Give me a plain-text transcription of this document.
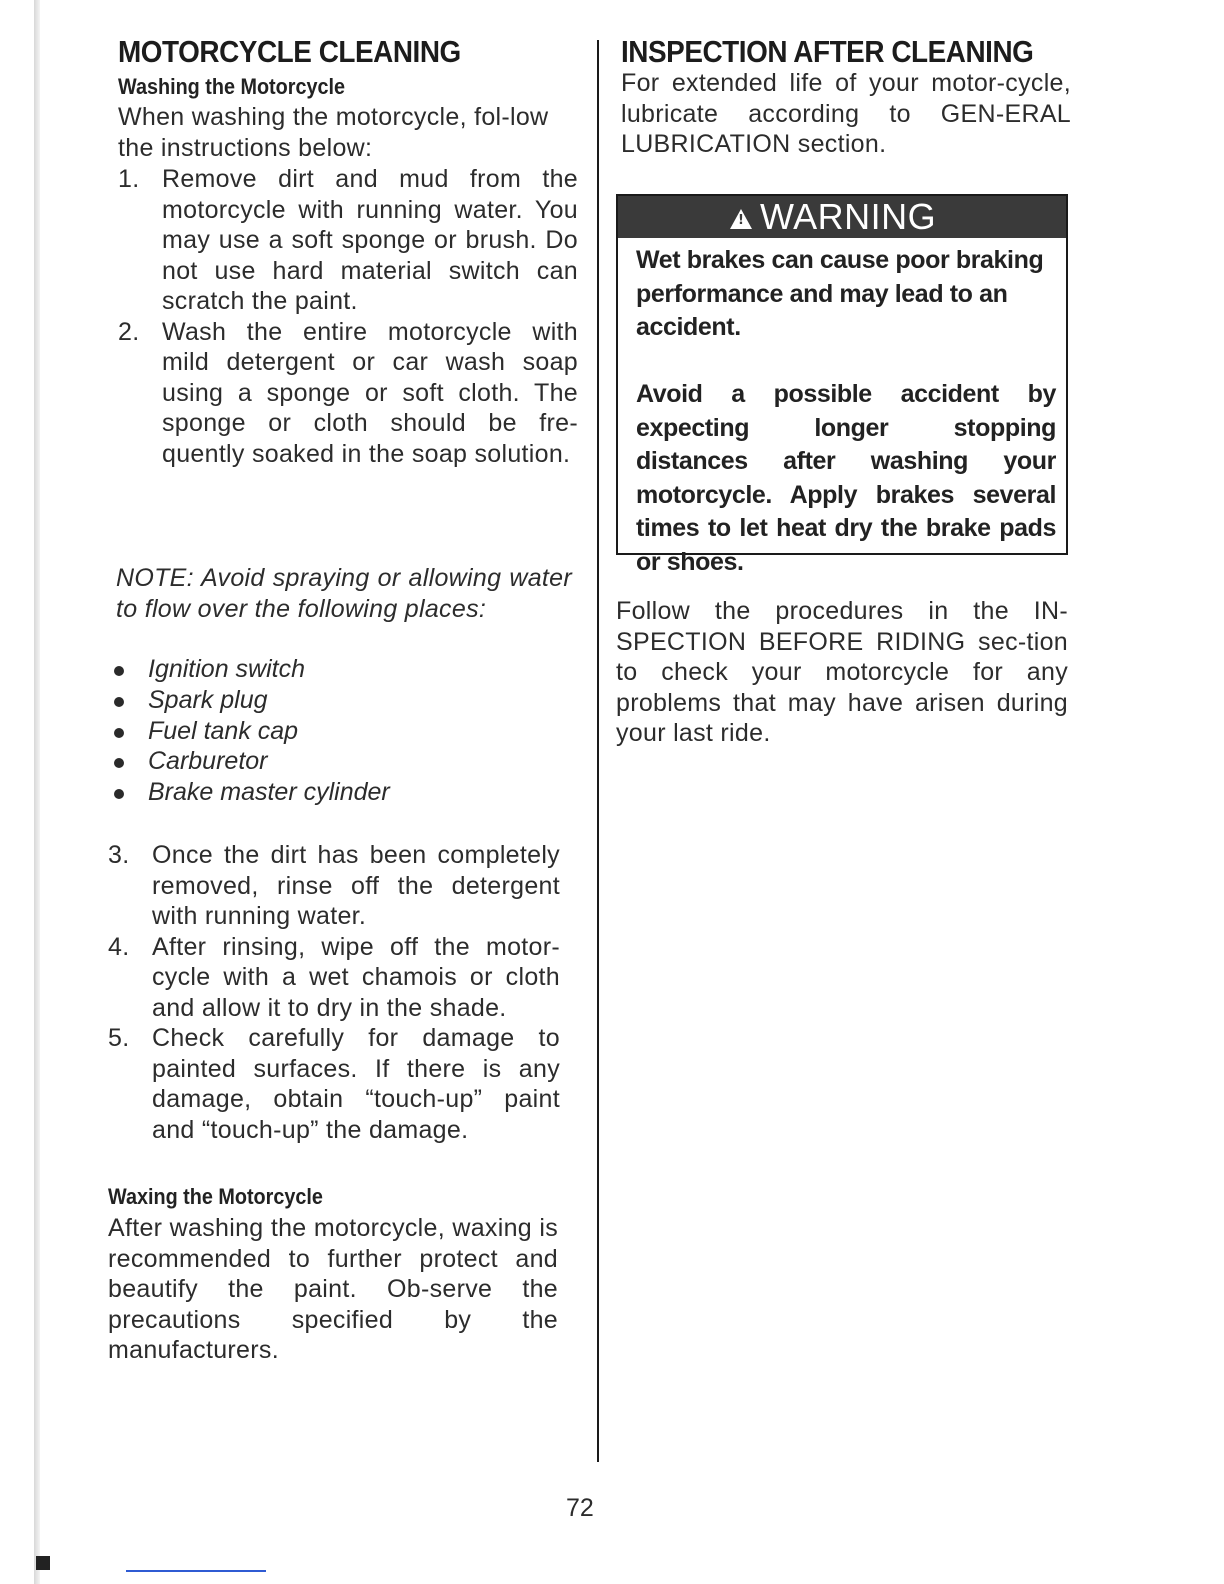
MOTORCYCLE CLEANING
Washing the Motorcycle

When washing the motorcycle, fol-low the instructions below:

1. Remove dirt and mud from the motorcycle with running water. You may use a soft sponge or brush. Do not use hard material switch can scratch the paint.
2. Wash the entire motorcycle with mild detergent or car wash soap using a sponge or soft cloth. The sponge or cloth should be fre-quently soaked in the soap solution.

NOTE: Avoid spraying or allowing water to flow over the following places:

Ignition switch
Spark plug
Fuel tank cap
Carburetor
Brake master cylinder
3. Once the dirt has been completely removed, rinse off the detergent with running water.
4. After rinsing, wipe off the motor-cycle with a wet chamois or cloth and allow it to dry in the shade.
5. Check carefully for damage to painted surfaces. If there is any damage, obtain “touch-up” paint and “touch-up” the damage.
Waxing the Motorcycle

After washing the motorcycle, waxing is recommended to further protect and beautify the paint. Ob-serve the precautions specified by the manufacturers.

INSPECTION AFTER CLEANING

For extended life of your motor-cycle, lubricate according to GEN-ERAL LUBRICATION section.

!
WARNING

Wet brakes can cause poor braking performance and may lead to an accident.

Avoid a possible accident by expecting longer stopping distances after washing your motorcycle. Apply brakes several times to let heat dry the brake pads or shoes.

Follow the procedures in the IN-SPECTION BEFORE RIDING sec-tion to check your motorcycle for any problems that may have arisen during your last ride.

72
